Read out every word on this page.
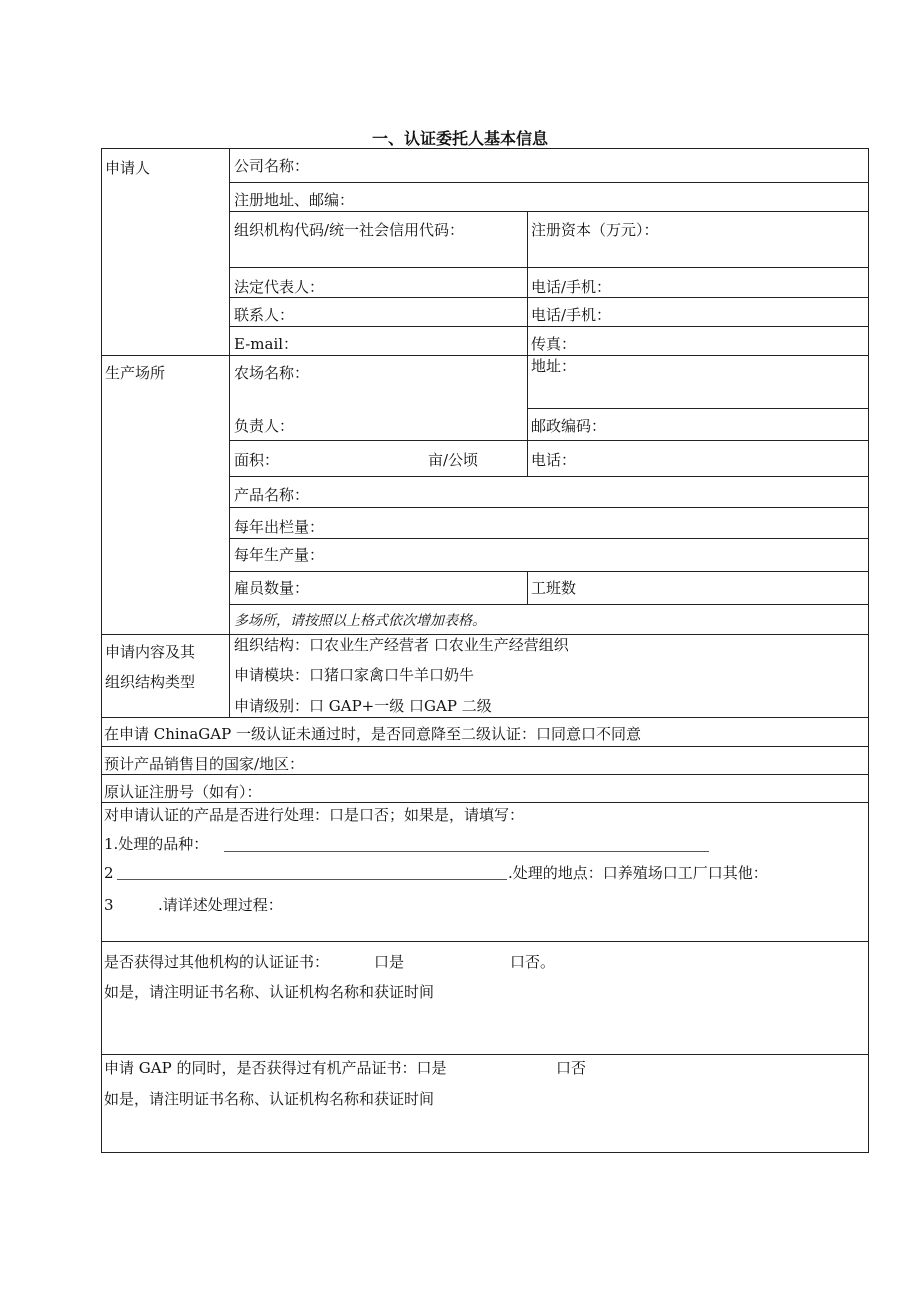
一、认证委托人基本信息
申请人	公司名称：
注册地址、邮编：
组织机构代码/统一社会信用代码：	注册资本（万元）：
法定代表人：	电话/手机：
联系人：	电话/手机：
E-mail：	传真：
生产场所	农场名称：	地址：
负责人：	邮政编码：
面积：	亩/公顷	电话：
产品名称：
每年出栏量：
每年生产量：
雇员数量：	工班数
多场所，请按照以上格式依次增加表格。
申请内容及其
组织结构类型
组织结构：口农业生产经营者 口农业生产经营组织
申请模块：口猪口家禽口牛羊口奶牛
申请级别：口 GAP+一级 口GAP 二级
在申请 ChinaGAP 一级认证未通过时，是否同意降至二级认证：口同意口不同意
预计产品销售目的国家/地区：
原认证注册号（如有）：
对申请认证的产品是否进行处理：口是口否；如果是，请填写：
1.处理的品种：
2	.处理的地点：口养殖场口工厂口其他：
3	.请详述处理过程：
是否获得过其他机构的认证证书：	口是	口否。
如是，请注明证书名称、认证机构名称和获证时间
申请 GAP 的同时，是否获得过有机产品证书：口是	口否
如是，请注明证书名称、认证机构名称和获证时间
